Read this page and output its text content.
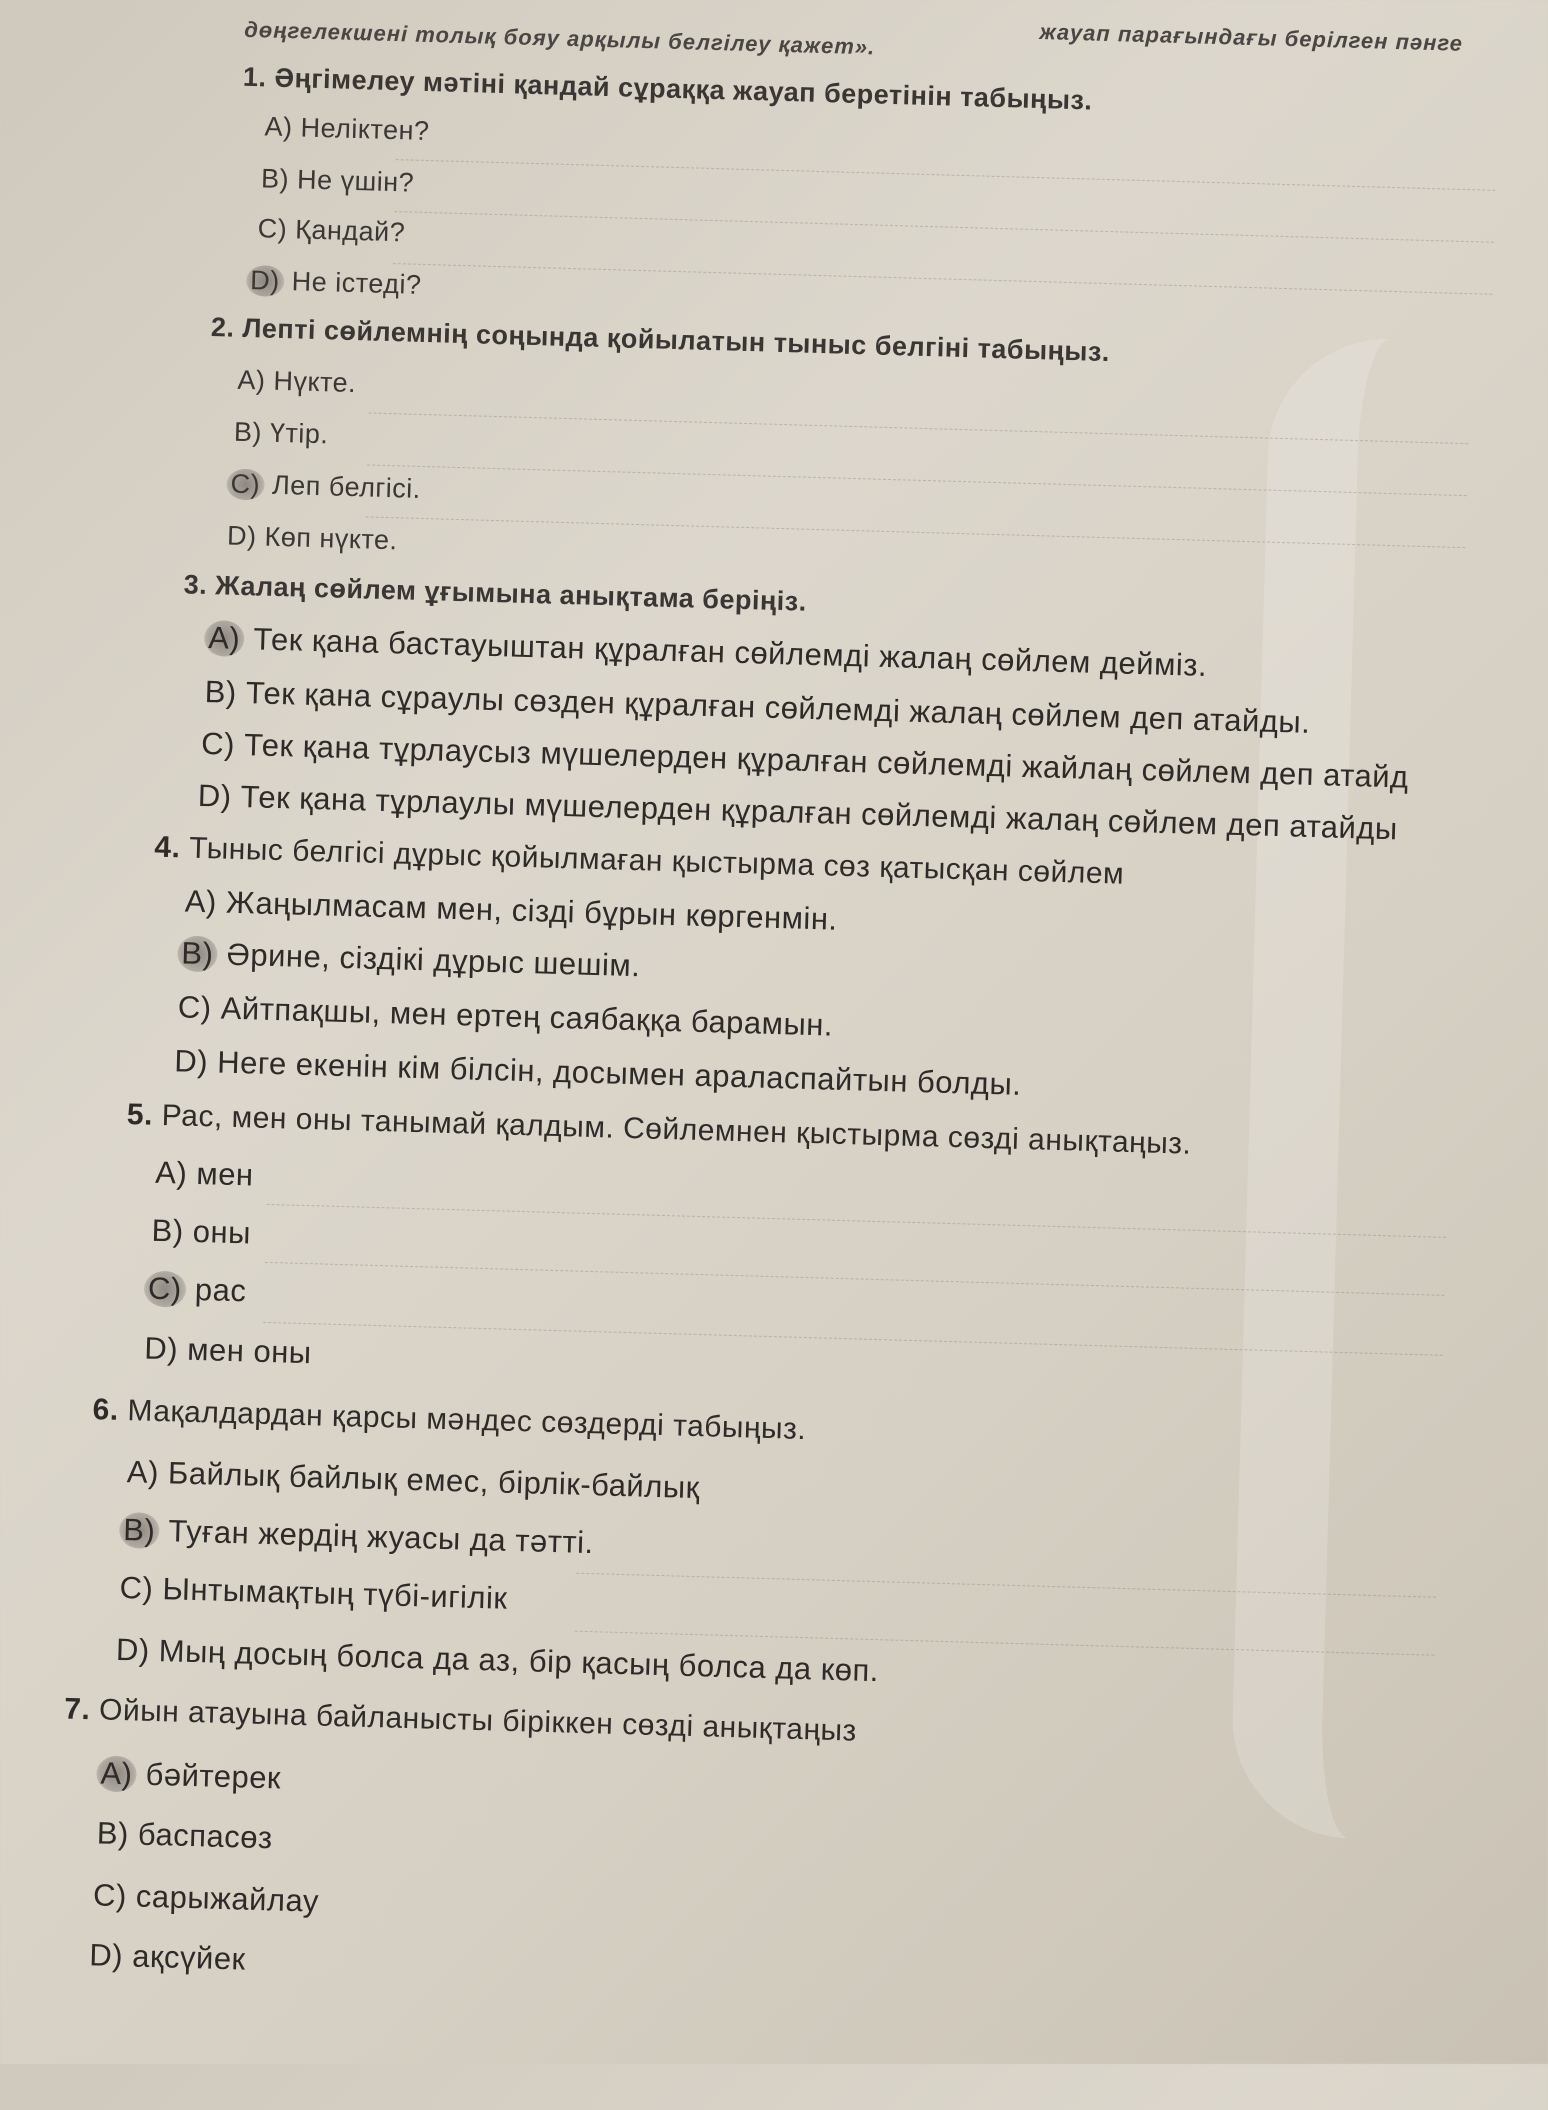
жауап парағындағы берілген пәнге
дөңгелекшені толық бояу арқылы белгілеу қажет».
1. Әңгімелеу мәтіні қандай сұраққа жауап беретінін табыңыз.
A) Неліктен?
B) Не үшін?
C) Қандай?
D) Не істеді?
2. Лепті сөйлемнің соңында қойылатын тыныс белгіні табыңыз.
A) Нүкте.
B) Үтір.
C) Леп белгісі.
D) Көп нүкте.
3. Жалаң сөйлем ұғымына анықтама беріңіз.
A) Тек қана бастауыштан құралған сөйлемді жалаң сөйлем дейміз.
B) Тек қана сұраулы сөзден құралған сөйлемді жалаң сөйлем деп атайды.
C) Тек қана тұрлаусыз мүшелерден құралған сөйлемді жайлаң сөйлем деп атайд
D) Тек қана тұрлаулы мүшелерден құралған сөйлемді жалаң сөйлем деп атайды
4. Тыныс белгісі дұрыс қойылмаған қыстырма сөз қатысқан сөйлем
A) Жаңылмасам мен, сізді бұрын көргенмін.
B) Әрине, сіздікі дұрыс шешім.
C) Айтпақшы, мен ертең саябаққа барамын.
D) Неге екенін кім білсін, досымен араласпайтын болды.
5. Рас, мен оны танымай қалдым. Сөйлемнен қыстырма сөзді анықтаңыз.
A) мен
B) оны
C) рас
D) мен оны
6. Мақалдардан қарсы мәндес сөздерді табыңыз.
A) Байлық байлық емес, бірлік-байлық
B) Туған жердің жуасы да тәтті.
C) Ынтымақтың түбі-игілік
D) Мың досың болса да аз, бір қасың болса да көп.
7. Ойын атауына байланысты біріккен сөзді анықтаңыз
A) бәйтерек
B) баспасөз
C) сарыжайлау
D) ақсүйек
